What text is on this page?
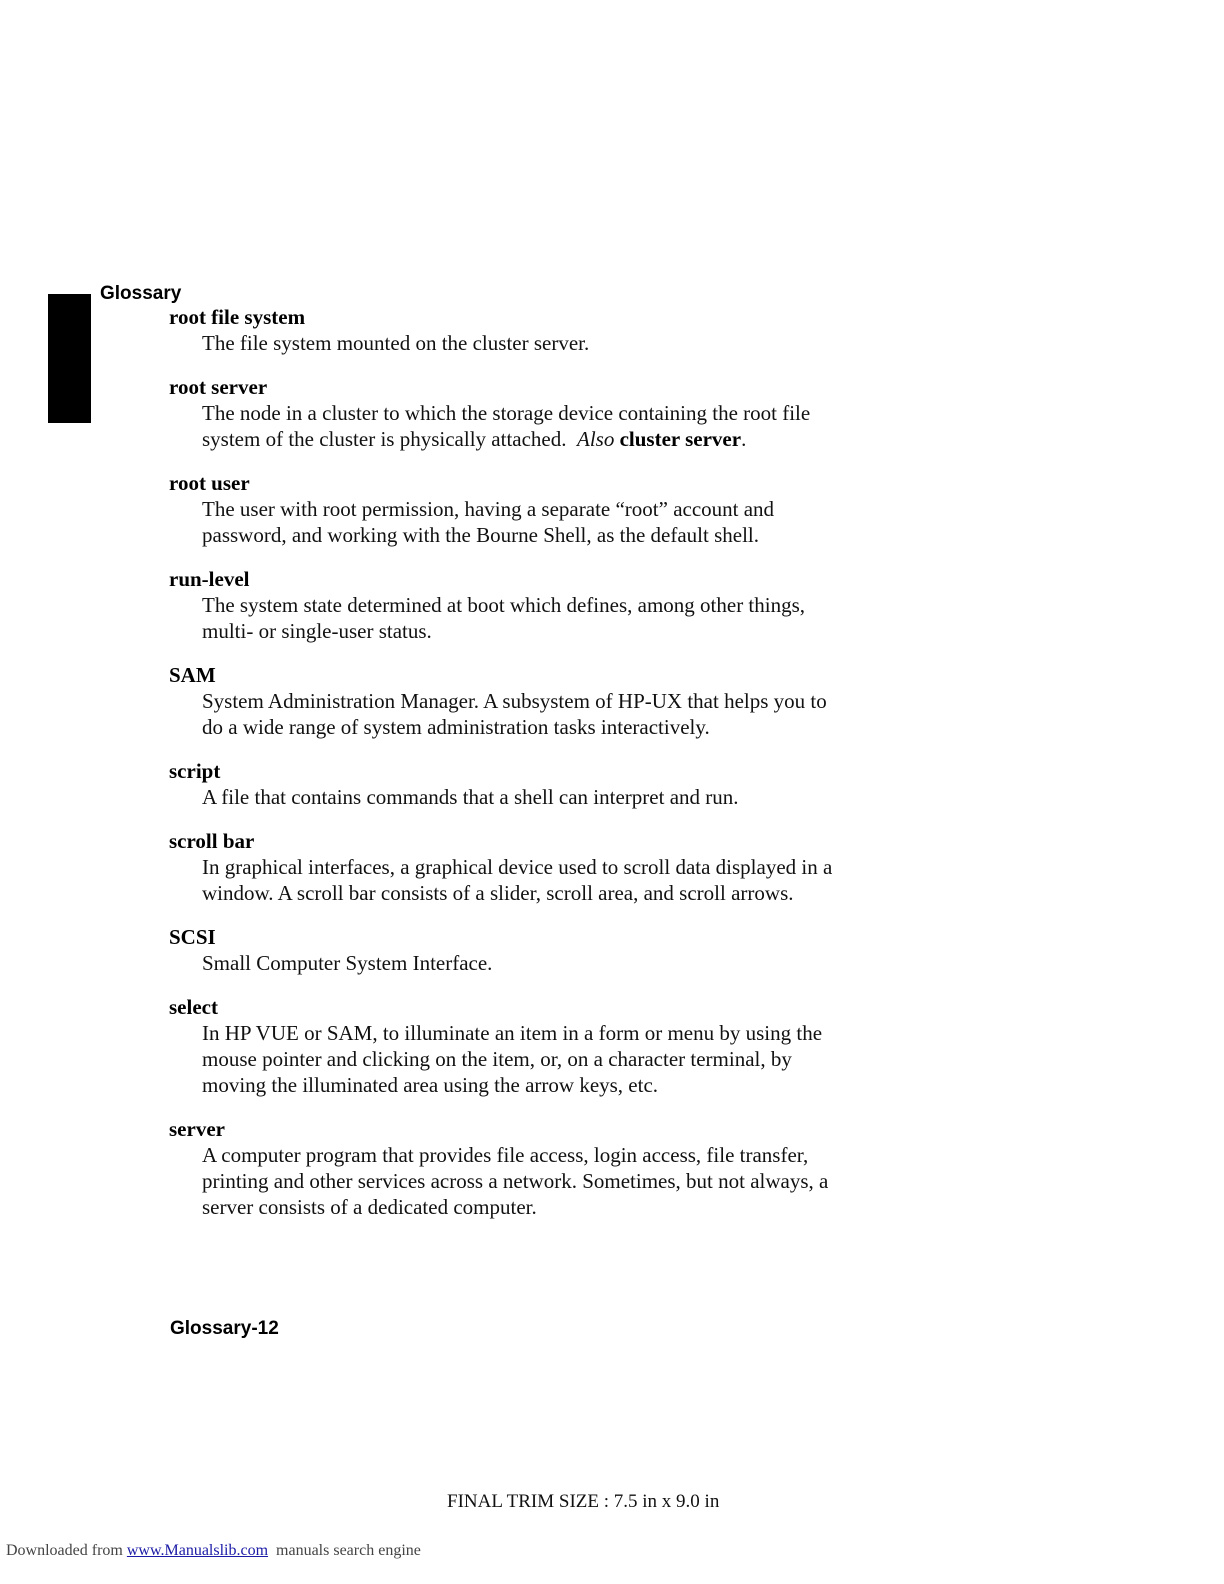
Glossary
root file system
The file system mounted on the cluster server.
root server
The node in a cluster to which the storage device containing the root file
system of the cluster is physically attached. Also cluster server.
root user
The user with root permission, having a separate “root” account and
password, and working with the Bourne Shell, as the default shell.
run-level
The system state determined at boot which defines, among other things,
multi- or single-user status.
SAM
System Administration Manager. A subsystem of HP-UX that helps you to
do a wide range of system administration tasks interactively.
script
A file that contains commands that a shell can interpret and run.
scroll bar
In graphical interfaces, a graphical device used to scroll data displayed in a
window. A scroll bar consists of a slider, scroll area, and scroll arrows.
SCSI
Small Computer System Interface.
select
In HP VUE or SAM, to illuminate an item in a form or menu by using the
mouse pointer and clicking on the item, or, on a character terminal, by
moving the illuminated area using the arrow keys, etc.
server
A computer program that provides file access, login access, file transfer,
printing and other services across a network. Sometimes, but not always, a
server consists of a dedicated computer.
Glossary-12
FINAL TRIM SIZE : 7.5 in x 9.0 in
Downloaded from www.Manualslib.com manuals search engine
